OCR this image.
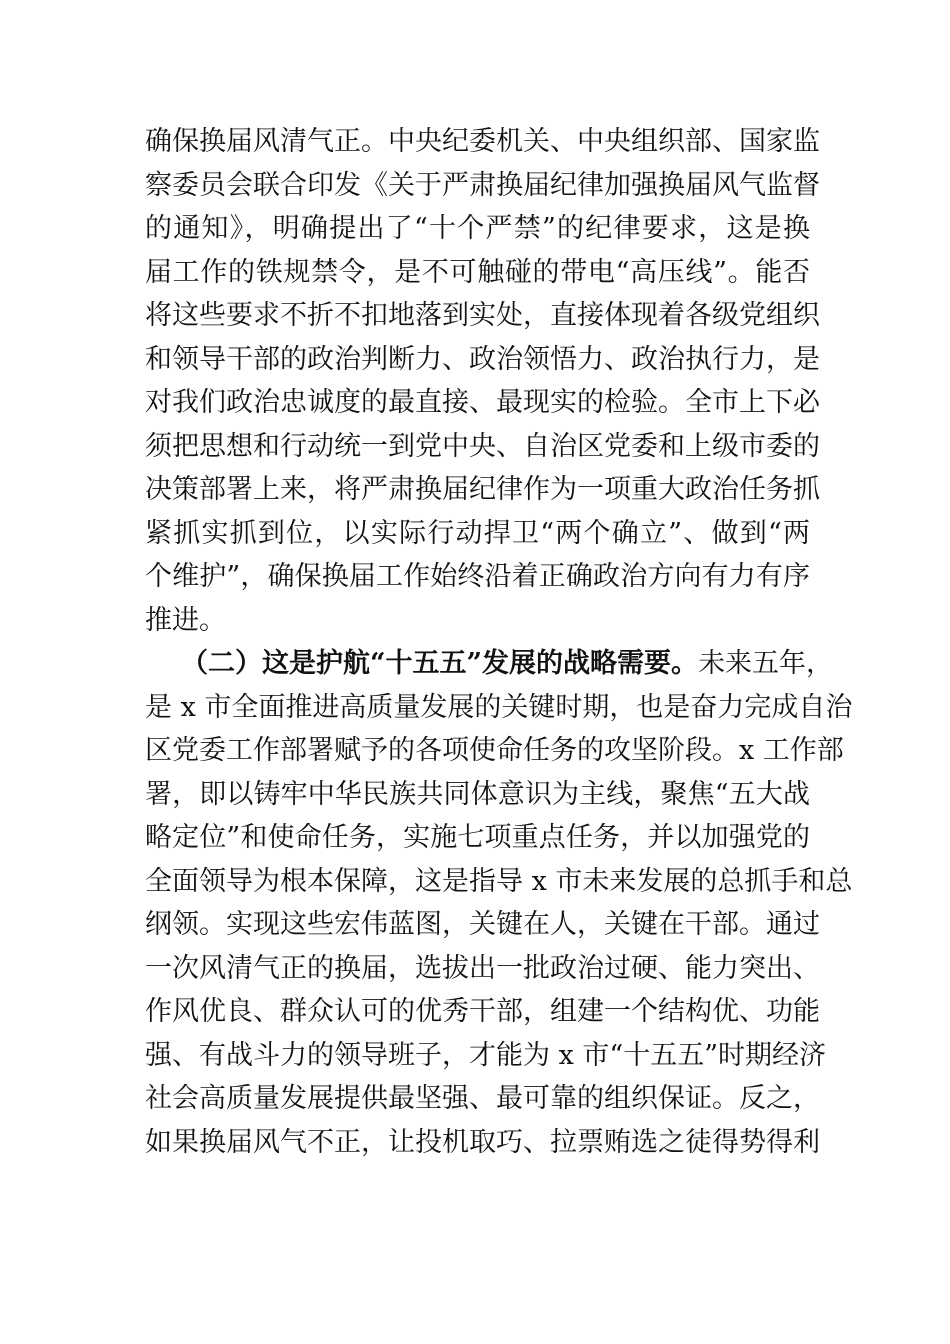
确保换届风清气正。中央纪委机关、中央组织部、国家监
察委员会联合印发《关于严肃换届纪律加强换届风气监督
的通知》，明确提出了“十个严禁”的纪律要求，这是换
届工作的铁规禁令，是不可触碰的带电“高压线”。能否
将这些要求不折不扣地落到实处，直接体现着各级党组织
和领导干部的政治判断力、政治领悟力、政治执行力，是
对我们政治忠诚度的最直接、最现实的检验。全市上下必
须把思想和行动统一到党中央、自治区党委和上级市委的
决策部署上来，将严肃换届纪律作为一项重大政治任务抓
紧抓实抓到位，以实际行动捍卫“两个确立”、做到“两
个维护”，确保换届工作始终沿着正确政治方向有力有序
推进。
（二）这是护航“十五五”发展的战略需要。未来五年，
是 x 市全面推进高质量发展的关键时期，也是奋力完成自治
区党委工作部署赋予的各项使命任务的攻坚阶段。x 工作部
署，即以铸牢中华民族共同体意识为主线，聚焦“五大战
略定位”和使命任务，实施七项重点任务，并以加强党的
全面领导为根本保障，这是指导 x 市未来发展的总抓手和总
纲领。实现这些宏伟蓝图，关键在人，关键在干部。通过
一次风清气正的换届，选拔出一批政治过硬、能力突出、
作风优良、群众认可的优秀干部，组建一个结构优、功能
强、有战斗力的领导班子，才能为 x 市“十五五”时期经济
社会高质量发展提供最坚强、最可靠的组织保证。反之，
如果换届风气不正，让投机取巧、拉票贿选之徒得势得利
